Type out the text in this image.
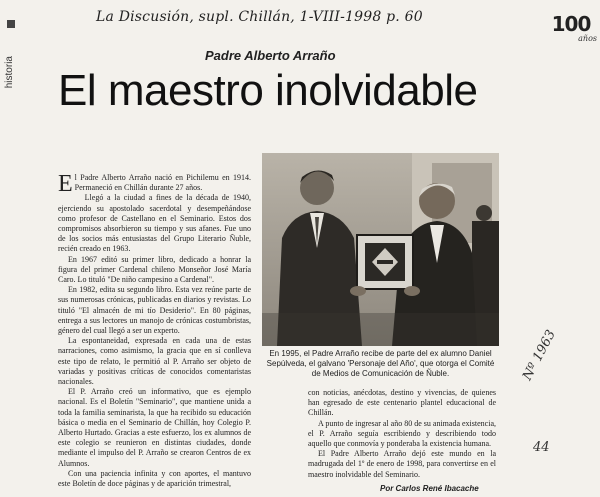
historia
La Discusión, supl. Chillán, 1-VIII-1998 p. 60	100
años
Padre Alberto Arraño
El maestro inolvidable

El Padre Alberto Arraño nació en Pichilemu en 1914. Permaneció en Chillán durante 27 años.

Llegó a la ciudad a fines de la década de 1940, ejerciendo su apostolado sacerdotal y desempeñándose como profesor de Castellano en el Seminario. Estos dos compromisos absorbieron su tiempo y sus afanes. Fue uno de los socios más entusiastas del Grupo Literario Ñuble, recién creado en 1963.

En 1967 editó su primer libro, dedicado a honrar la figura del primer Cardenal chileno Monseñor José María Caro. Lo tituló "De niño campesino a Cardenal".

En 1982, edita su segundo libro. Esta vez reúne parte de sus numerosas crónicas, publicadas en diarios y revistas. Lo tituló "El almacén de mi tío Desiderio". En 80 páginas, entrega a sus lectores un manojo de crónicas costumbristas, género del cual llegó a ser un experto.

La espontaneidad, expresada en cada una de estas narraciones, como asimismo, la gracia que en sí conlleva este tipo de relato, le permitió al P. Arraño ser objeto de variadas y positivas críticas de conocidos comentaristas nacionales.

El P. Arraño creó un informativo, que es ejemplo nacional. Es el Boletín "Seminario", que mantiene unida a toda la familia seminarista, la que ha recibido su educación básica o media en el Seminario de Chillán, hoy Colegio P. Alberto Hurtado. Gracias a este esfuerzo, los ex alumnos de este colegio se reunieron en distintas ciudades, donde mediante el impulso del P. Arraño se crearon Centros de ex Alumnos.

Con una paciencia infinita y con aportes, el mantuvo este Boletín de doce páginas y de aparición trimestral,

En 1995, el Padre Arraño recibe de parte del ex alumno Daniel Sepúlveda, el galvano 'Personaje del Año', que otorga el Comité de Medios de Comunicación de Ñuble.

con noticias, anécdotas, destino y vivencias, de quienes han egresado de este centenario plantel educacional de Chillán.

A punto de ingresar al año 80 de su animada existencia, el P. Arraño seguía escribiendo y describiendo todo aquello que conmovía y ponderaba la existencia humana.

El Padre Alberto Arraño dejó este mundo en la madrugada del 1º de enero de 1998, para convertirse en el maestro inolvidable del Seminario.

Por Carlos René Ibacache
Nº 1963
44
